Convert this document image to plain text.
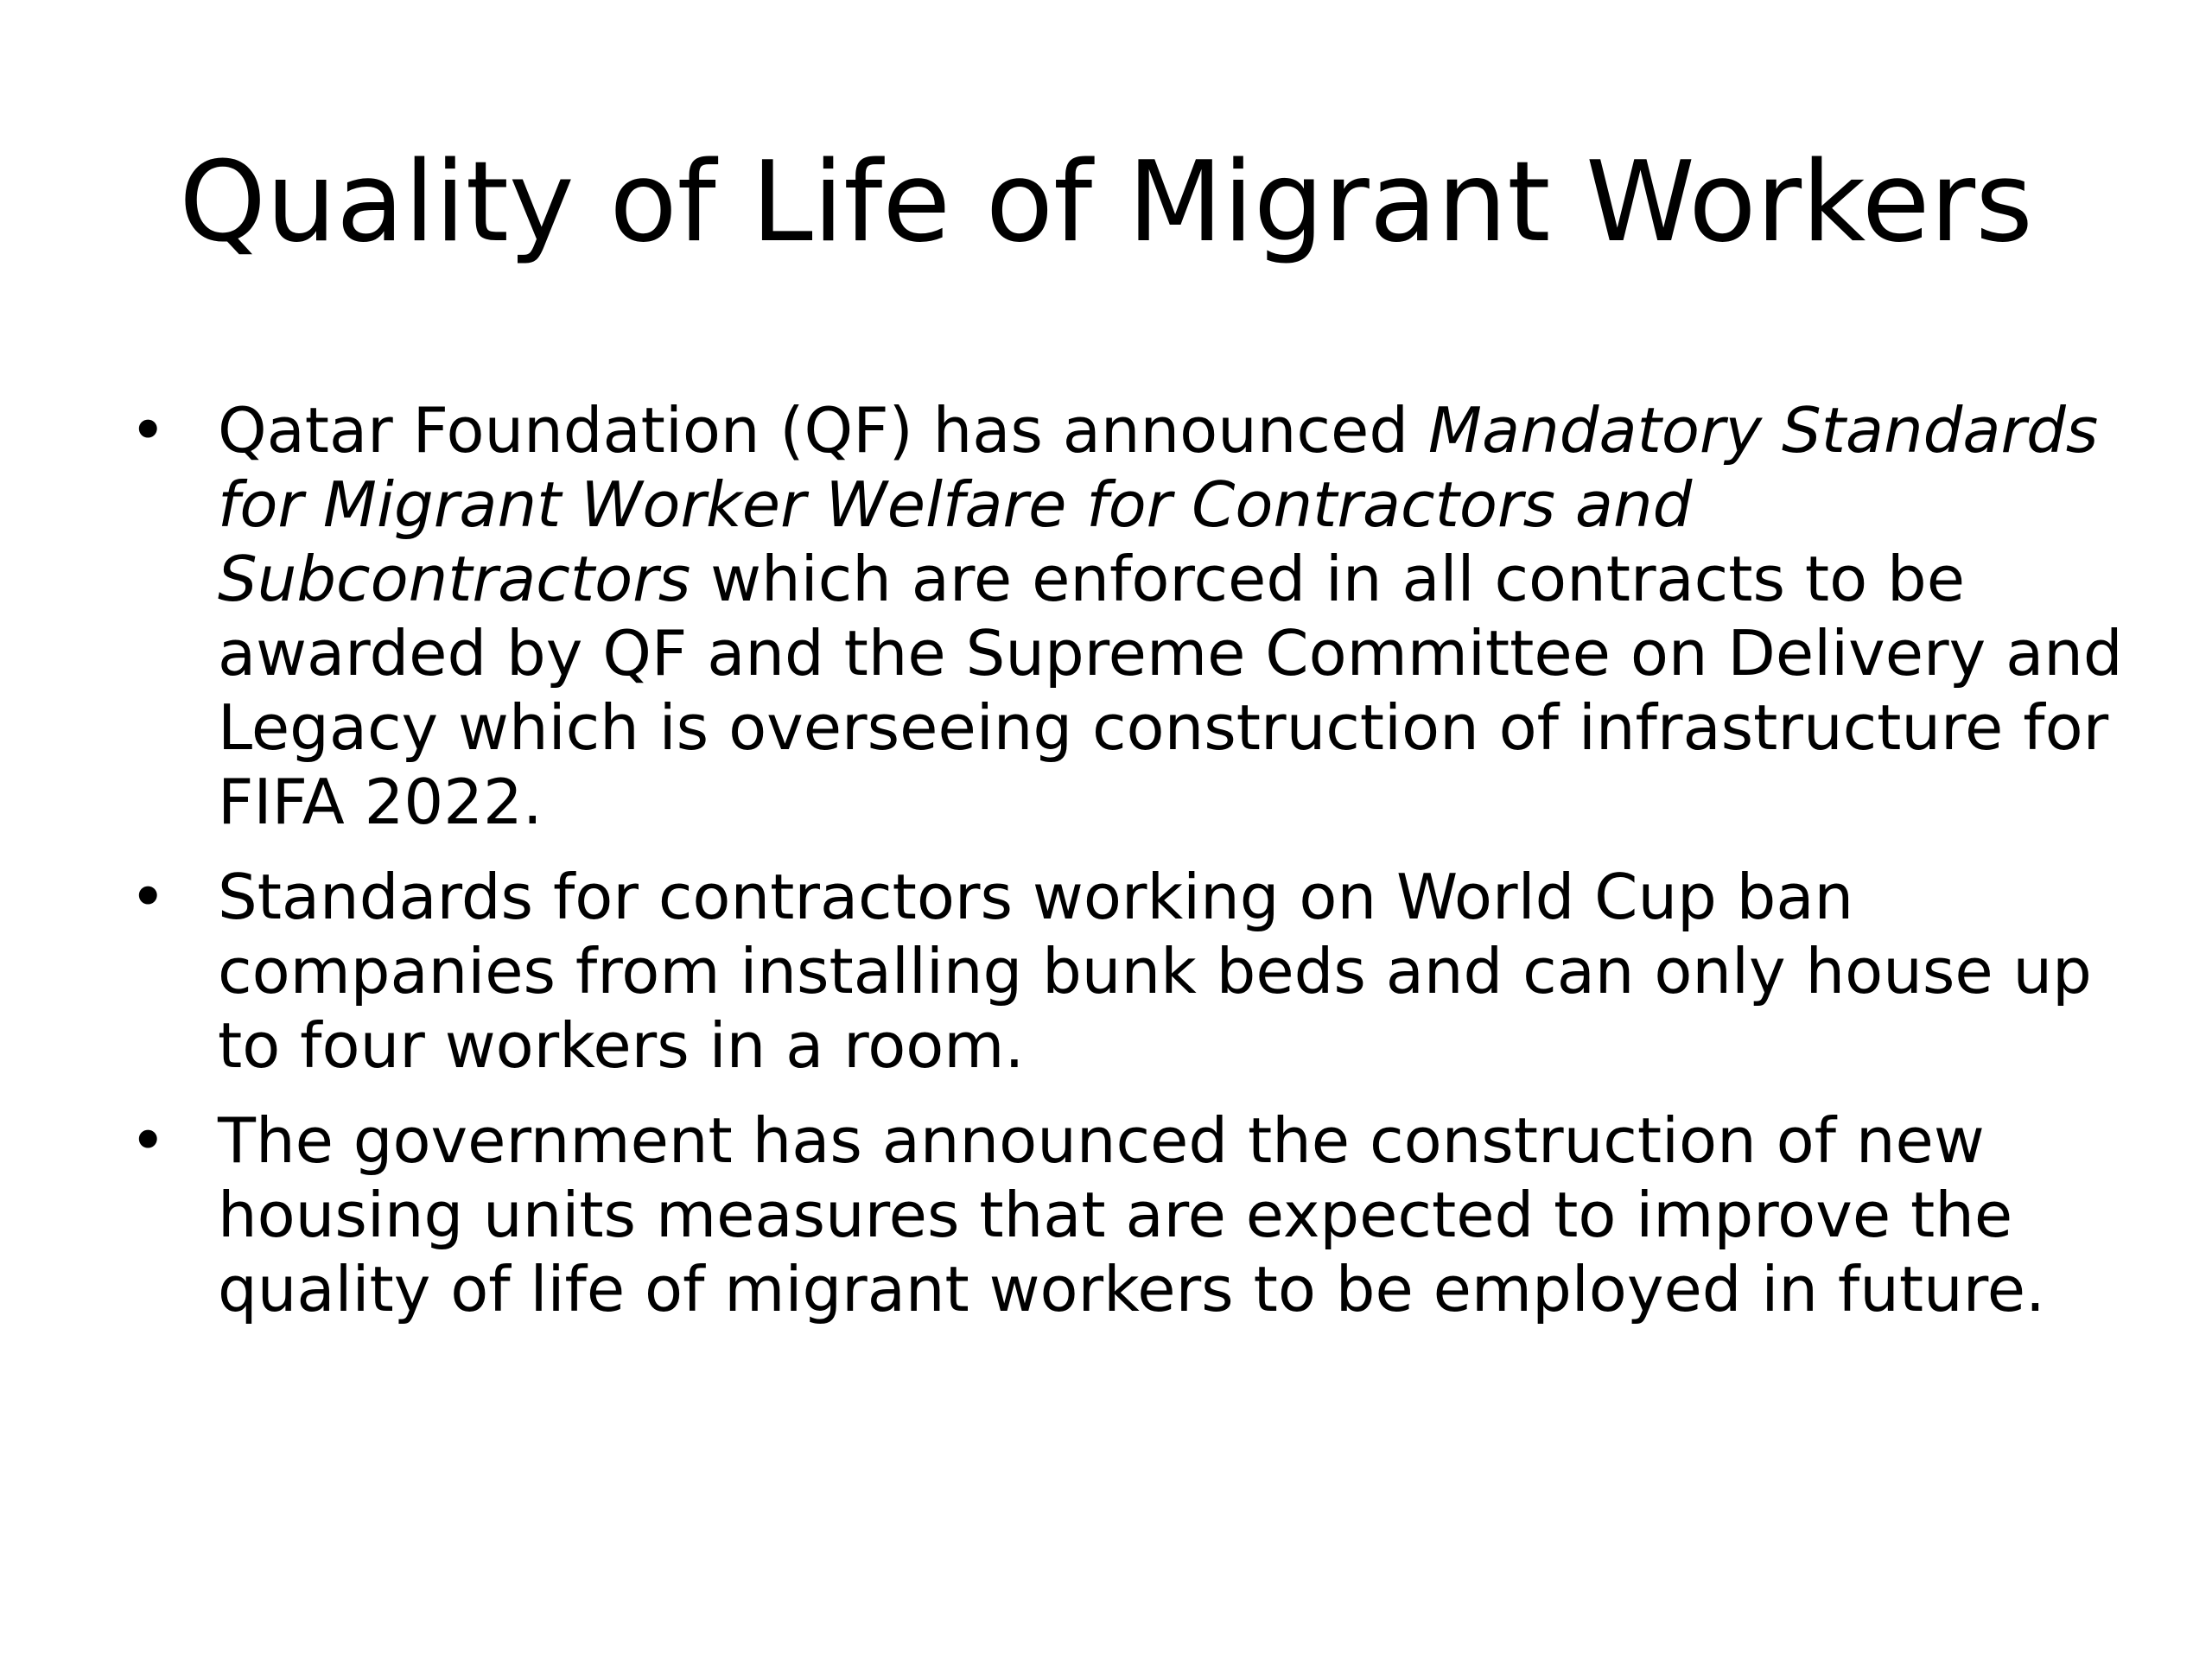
Quality of Life of Migrant Workers
• Qatar Foundation (QF) has announced Mandatory Standards for Migrant Worker Welfare for Contractors and Subcontractors which are enforced in all contracts to be awarded by QF and the Supreme Committee on Delivery and Legacy which is overseeing construction of infrastructure for FIFA 2022.
• Standards for contractors working on World Cup ban companies from installing bunk beds and can only house up to four workers in a room.
• The government has announced the construction of new housing units measures that are expected to improve the quality of life of migrant workers to be employed in future.
